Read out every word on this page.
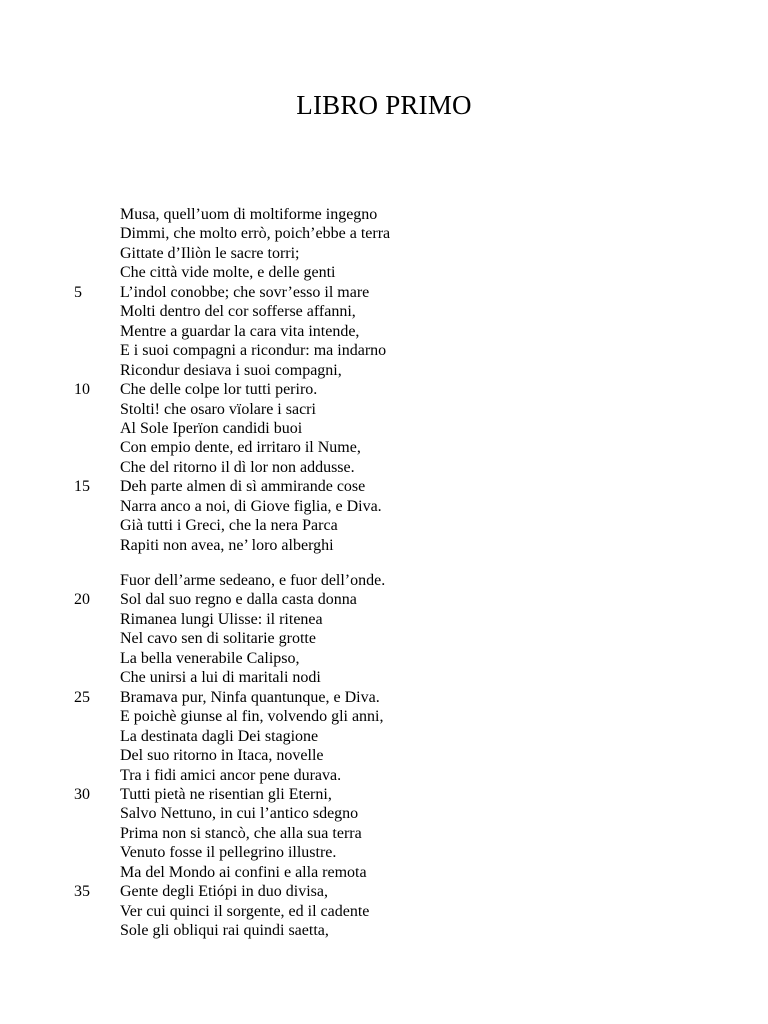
LIBRO PRIMO
Musa, quell’uom di moltiforme ingegno
Dimmi, che molto errò, poich’ebbe a terra
Gittate d’Iliòn le sacre torri;
Che città vide molte, e delle genti
5 L’indol conobbe; che sovr’esso il mare
Molti dentro del cor sofferse affanni,
Mentre a guardar la cara vita intende,
E i suoi compagni a ricondur: ma indarno
Ricondur desiava i suoi compagni,
10 Che delle colpe lor tutti periro.
Stolti! che osaro vïolare i sacri
Al Sole Iperïon candidi buoi
Con empio dente, ed irritaro il Nume,
Che del ritorno il dì lor non addusse.
15 Deh parte almen di sì ammirande cose
Narra anco a noi, di Giove figlia, e Diva.
Già tutti i Greci, che la nera Parca
Rapiti non avea, ne’ loro alberghi
Fuor dell’arme sedeano, e fuor dell’onde.
20 Sol dal suo regno e dalla casta donna
Rimanea lungi Ulisse: il ritenea
Nel cavo sen di solitarie grotte
La bella venerabile Calipso,
Che unirsi a lui di maritali nodi
25 Bramava pur, Ninfa quantunque, e Diva.
E poichè giunse al fin, volvendo gli anni,
La destinata dagli Dei stagione
Del suo ritorno in Itaca, novelle
Tra i fidi amici ancor pene durava.
30 Tutti pietà ne risentian gli Eterni,
Salvo Nettuno, in cui l’antico sdegno
Prima non si stancò, che alla sua terra
Venuto fosse il pellegrino illustre.
Ma del Mondo ai confini e alla remota
35 Gente degli Etiópi in duo divisa,
Ver cui quinci il sorgente, ed il cadente
Sole gli obliqui rai quindi saetta,
